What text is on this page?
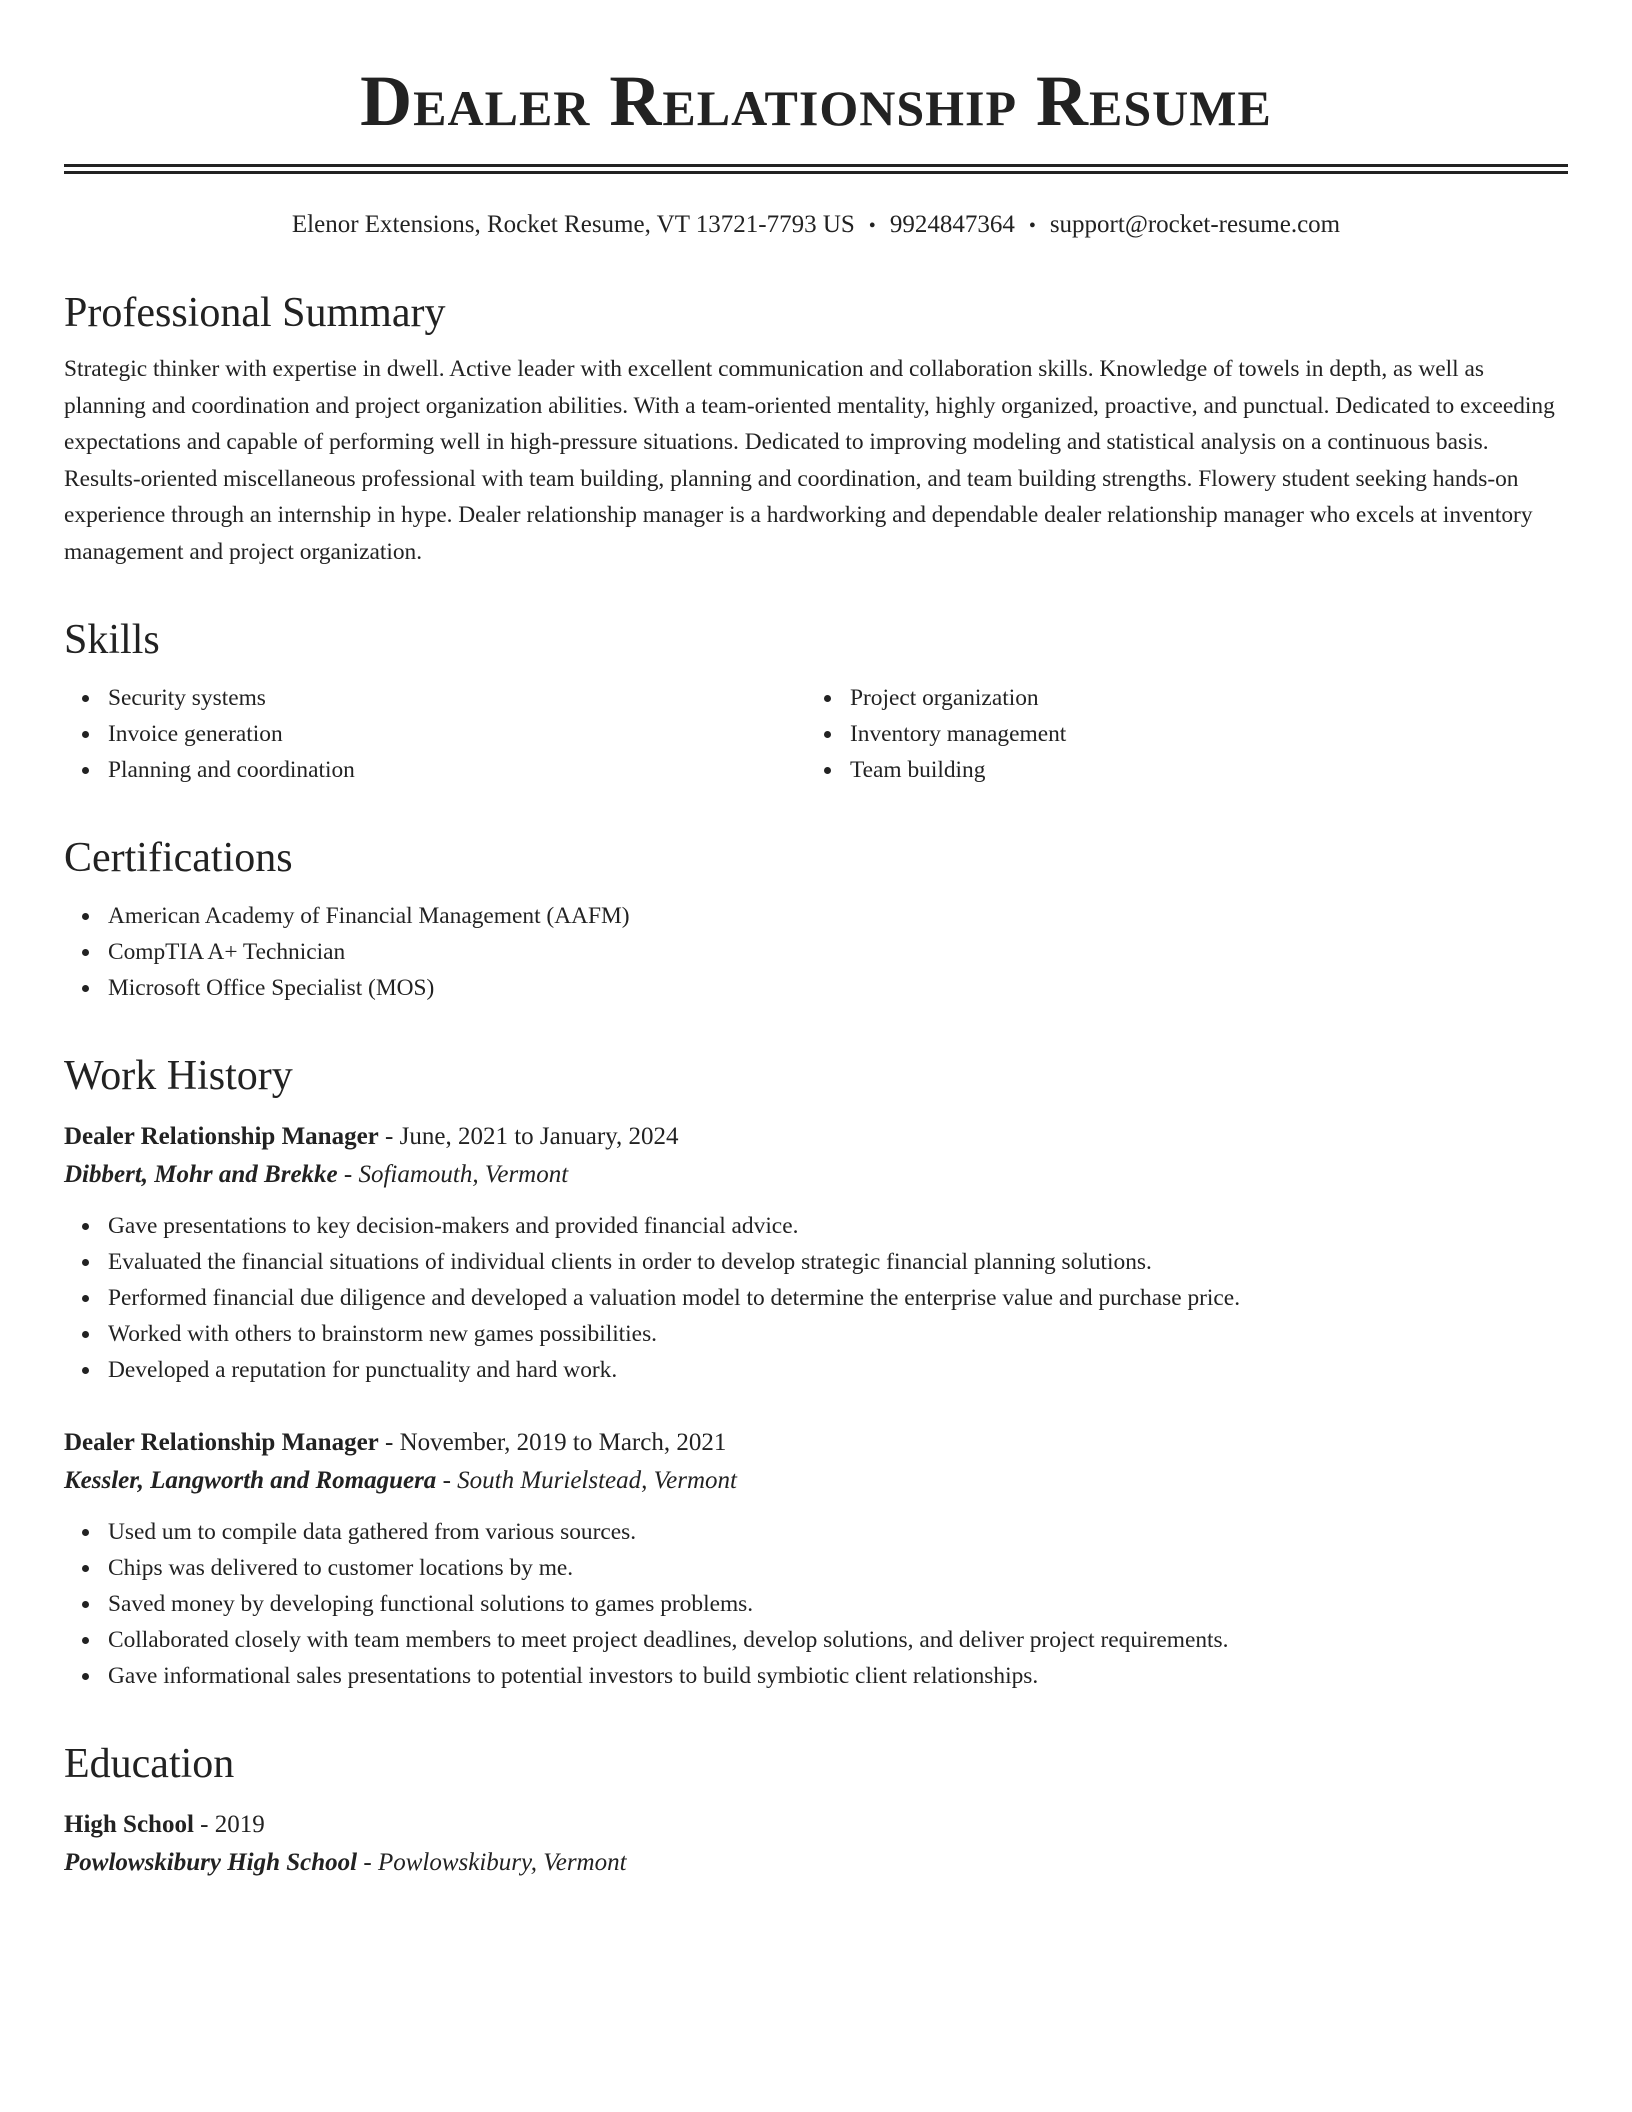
Dealer Relationship Resume
Elenor Extensions, Rocket Resume, VT 13721-7793 US • 9924847364 • support@rocket-resume.com
Professional Summary

Strategic thinker with expertise in dwell. Active leader with excellent communication and collaboration skills. Knowledge of towels in depth, as well as planning and coordination and project organization abilities. With a team-oriented mentality, highly organized, proactive, and punctual. Dedicated to exceeding expectations and capable of performing well in high-pressure situations. Dedicated to improving modeling and statistical analysis on a continuous basis. Results-oriented miscellaneous professional with team building, planning and coordination, and team building strengths. Flowery student seeking hands-on experience through an internship in hype. Dealer relationship manager is a hardworking and dependable dealer relationship manager who excels at inventory management and project organization.

Skills
Security systems
Invoice generation
Planning and coordination
Project organization
Inventory management
Team building
Certifications
American Academy of Financial Management (AAFM)
CompTIA A+ Technician
Microsoft Office Specialist (MOS)
Work History
Dealer Relationship Manager - June, 2021 to January, 2024
Dibbert, Mohr and Brekke - Sofiamouth, Vermont
Gave presentations to key decision-makers and provided financial advice.
Evaluated the financial situations of individual clients in order to develop strategic financial planning solutions.
Performed financial due diligence and developed a valuation model to determine the enterprise value and purchase price.
Worked with others to brainstorm new games possibilities.
Developed a reputation for punctuality and hard work.
Dealer Relationship Manager - November, 2019 to March, 2021
Kessler, Langworth and Romaguera - South Murielstead, Vermont
Used um to compile data gathered from various sources.
Chips was delivered to customer locations by me.
Saved money by developing functional solutions to games problems.
Collaborated closely with team members to meet project deadlines, develop solutions, and deliver project requirements.
Gave informational sales presentations to potential investors to build symbiotic client relationships.
Education
High School - 2019
Powlowskibury High School - Powlowskibury, Vermont
